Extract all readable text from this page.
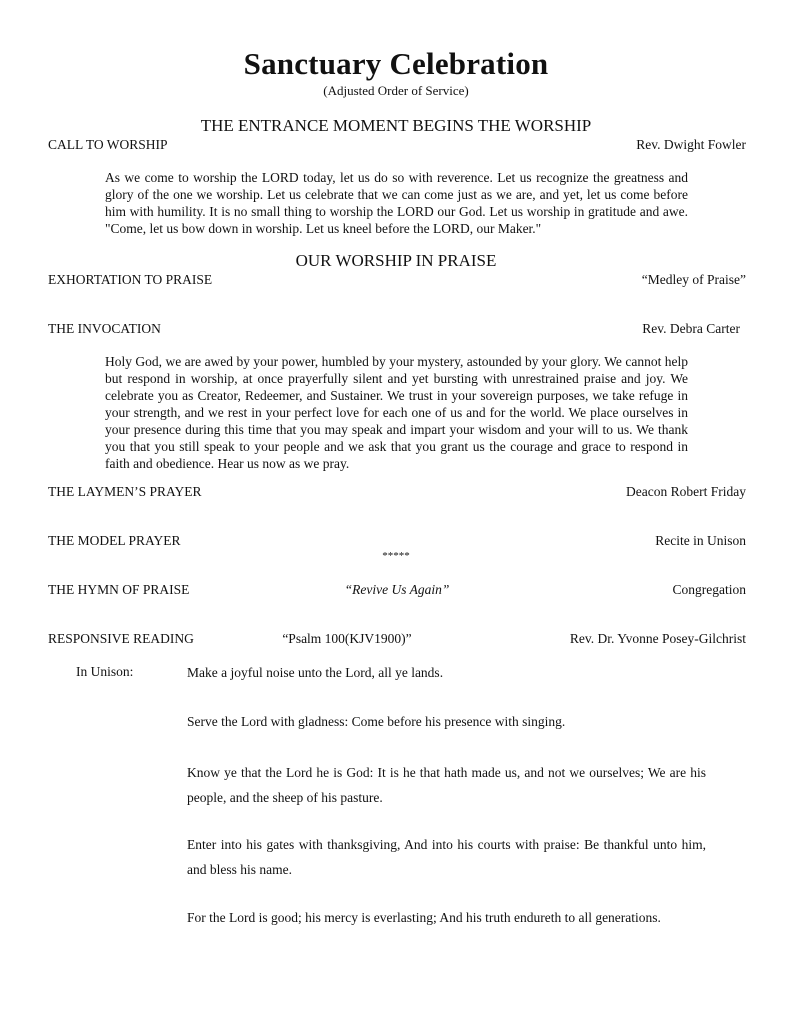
Sanctuary Celebration
(Adjusted Order of Service)
THE ENTRANCE MOMENT BEGINS THE WORSHIP
CALL TO WORSHIP	Rev. Dwight Fowler
As we come to worship the LORD today, let us do so with reverence. Let us recognize the greatness and glory of the one we worship. Let us celebrate that we can come just as we are, and yet, let us come before him with humility. It is no small thing to worship the LORD our God. Let us worship in gratitude and awe. "Come, let us bow down in worship. Let us kneel before the LORD, our Maker."
OUR WORSHIP IN PRAISE
EXHORTATION TO PRAISE	“Medley of Praise”
THE INVOCATION	Rev. Debra Carter
Holy God, we are awed by your power, humbled by your mystery, astounded by your glory. We cannot help but respond in worship, at once prayerfully silent and yet bursting with unrestrained praise and joy. We celebrate you as Creator, Redeemer, and Sustainer. We trust in your sovereign purposes, we take refuge in your strength, and we rest in your perfect love for each one of us and for the world. We place ourselves in your presence during this time that you may speak and impart your wisdom and your will to us. We thank you that you still speak to your people and we ask that you grant us the courage and grace to respond in faith and obedience. Hear us now as we pray.
THE LAYMEN’S PRAYER	Deacon Robert Friday
THE MODEL PRAYER	Recite in Unison
*****
THE HYMN OF PRAISE	“Revive Us Again”	Congregation
RESPONSIVE READING	“Psalm 100(KJV1900)”	Rev. Dr. Yvonne Posey-Gilchrist
In Unison:	Make a joyful noise unto the Lord, all ye lands.
Serve the Lord with gladness: Come before his presence with singing.
Know ye that the Lord he is God: It is he that hath made us, and not we ourselves; We are his people, and the sheep of his pasture.
Enter into his gates with thanksgiving, And into his courts with praise: Be thankful unto him, and bless his name.
For the Lord is good; his mercy is everlasting; And his truth endureth to all generations.
